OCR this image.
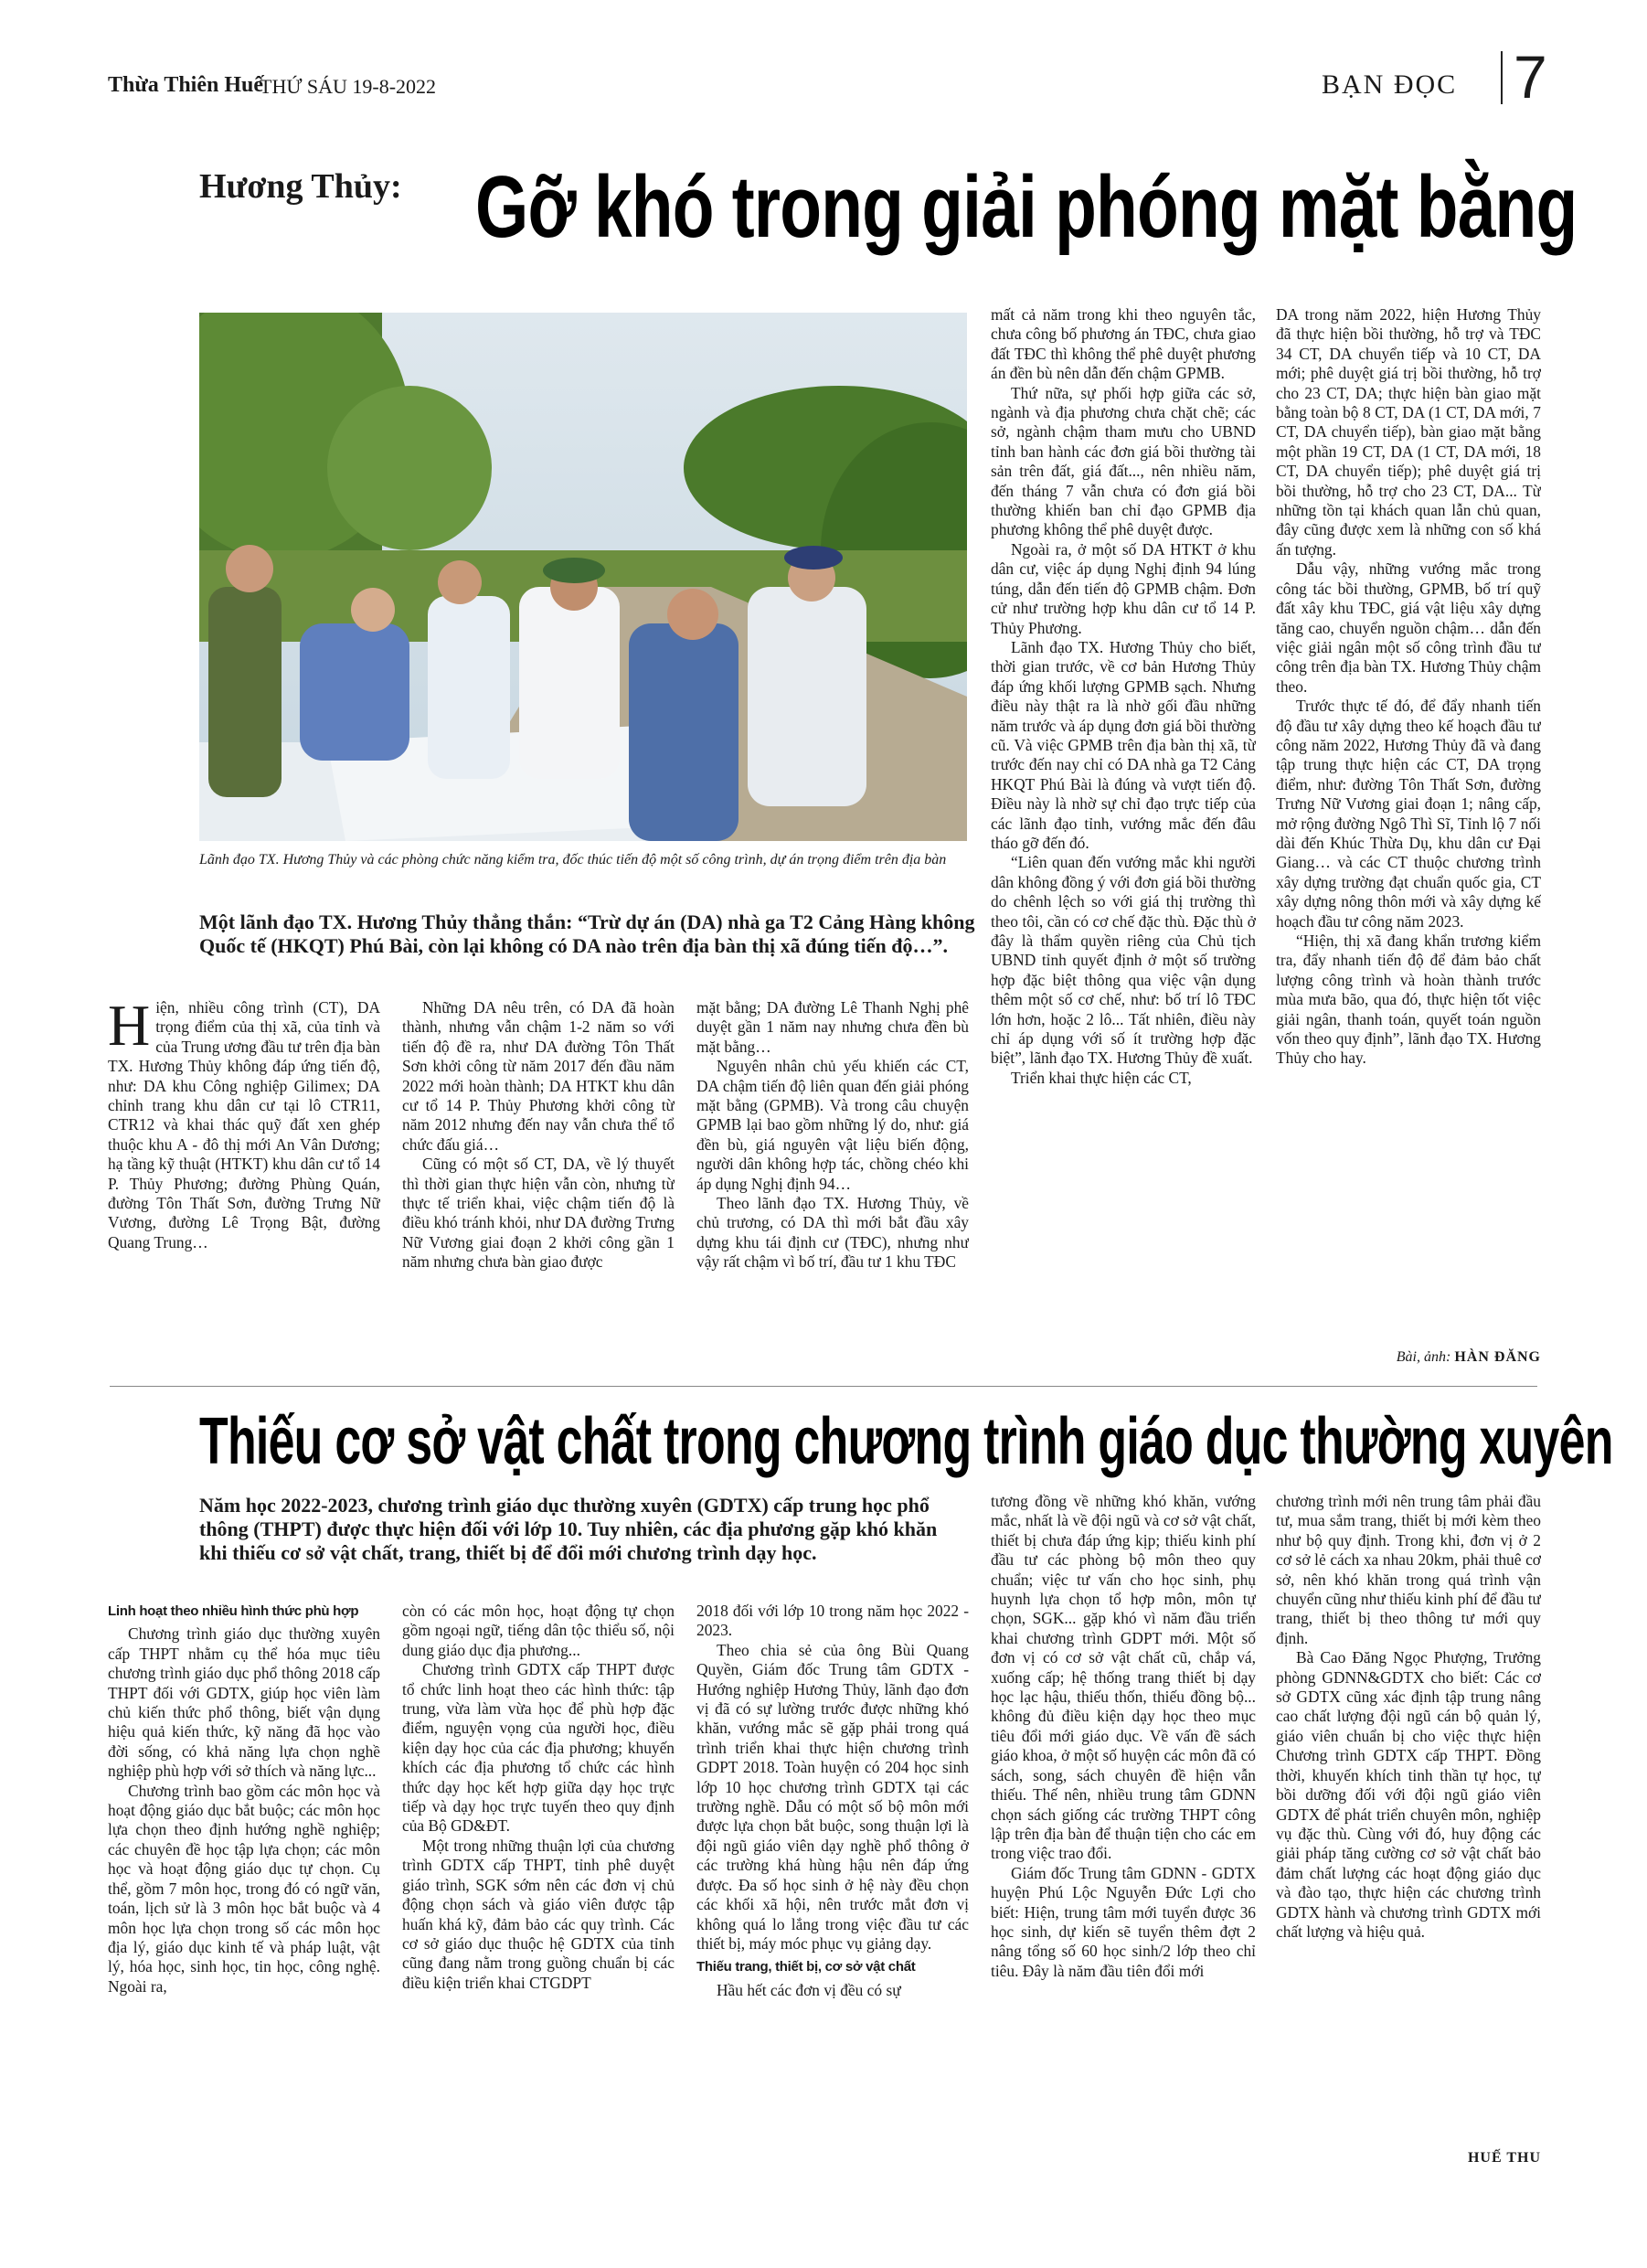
Thừa Thiên Huế
THỨ SÁU 19-8-2022	BẠN ĐỌC 7
Hương Thủy: Gỡ khó trong giải phóng mặt bằng
Lãnh đạo TX. Hương Thủy và các phòng chức năng kiểm tra, đốc thúc tiến độ một số công trình, dự án trọng điểm trên địa bàn
Một lãnh đạo TX. Hương Thủy thẳng thắn: “Trừ dự án (DA) nhà ga T2 Cảng Hàng không Quốc tế (HKQT) Phú Bài, còn lại không có DA nào trên địa bàn thị xã đúng tiến độ…”.

Hiện, nhiều công trình (CT), DA trọng điểm của thị xã, của tỉnh và của Trung ương đầu tư trên địa bàn TX. Hương Thủy không đáp ứng tiến độ, như: DA khu Công nghiệp Gilimex; DA chỉnh trang khu dân cư tại lô CTR11, CTR12 và khai thác quỹ đất xen ghép thuộc khu A - đô thị mới An Vân Dương; hạ tầng kỹ thuật (HTKT) khu dân cư tổ 14 P. Thủy Phương; đường Phùng Quán, đường Tôn Thất Sơn, đường Trưng Nữ Vương, đường Lê Trọng Bật, đường Quang Trung…

Những DA nêu trên, có DA đã hoàn thành, nhưng vẫn chậm 1-2 năm so với tiến độ đề ra, như DA đường Tôn Thất Sơn khởi công từ năm 2017 đến đầu năm 2022 mới hoàn thành; DA HTKT khu dân cư tổ 14 P. Thủy Phương khởi công từ năm 2012 nhưng đến nay vẫn chưa thể tổ chức đấu giá…

Cũng có một số CT, DA, về lý thuyết thì thời gian thực hiện vẫn còn, nhưng từ thực tế triển khai, việc chậm tiến độ là điều khó tránh khỏi, như DA đường Trưng Nữ Vương giai đoạn 2 khởi công gần 1 năm nhưng chưa bàn giao được

mặt bằng; DA đường Lê Thanh Nghị phê duyệt gần 1 năm nay nhưng chưa đền bù mặt bằng…

Nguyên nhân chủ yếu khiến các CT, DA chậm tiến độ liên quan đến giải phóng mặt bằng (GPMB). Và trong câu chuyện GPMB lại bao gồm những lý do, như: giá đền bù, giá nguyên vật liệu biến động, người dân không hợp tác, chồng chéo khi áp dụng Nghị định 94…

Theo lãnh đạo TX. Hương Thủy, về chủ trương, có DA thì mới bắt đầu xây dựng khu tái định cư (TĐC), nhưng như vậy rất chậm vì bố trí, đầu tư 1 khu TĐC

mất cả năm trong khi theo nguyên tắc, chưa công bố phương án TĐC, chưa giao đất TĐC thì không thể phê duyệt phương án đền bù nên dẫn đến chậm GPMB.

Thứ nữa, sự phối hợp giữa các sở, ngành và địa phương chưa chặt chẽ; các sở, ngành chậm tham mưu cho UBND tỉnh ban hành các đơn giá bồi thường tài sản trên đất, giá đất..., nên nhiều năm, đến tháng 7 vẫn chưa có đơn giá bồi thường khiến ban chỉ đạo GPMB địa phương không thể phê duyệt được.

Ngoài ra, ở một số DA HTKT ở khu dân cư, việc áp dụng Nghị định 94 lúng túng, dẫn đến tiến độ GPMB chậm. Đơn cử như trường hợp khu dân cư tổ 14 P. Thủy Phương.

Lãnh đạo TX. Hương Thủy cho biết, thời gian trước, về cơ bản Hương Thủy đáp ứng khối lượng GPMB sạch. Nhưng điều này thật ra là nhờ gối đầu những năm trước và áp dụng đơn giá bồi thường cũ. Và việc GPMB trên địa bàn thị xã, từ trước đến nay chỉ có DA nhà ga T2 Cảng HKQT Phú Bài là đúng và vượt tiến độ. Điều này là nhờ sự chỉ đạo trực tiếp của các lãnh đạo tỉnh, vướng mắc đến đâu tháo gỡ đến đó.

“Liên quan đến vướng mắc khi người dân không đồng ý với đơn giá bồi thường do chênh lệch so với giá thị trường thì theo tôi, cần có cơ chế đặc thù. Đặc thù ở đây là thẩm quyền riêng của Chủ tịch UBND tỉnh quyết định ở một số trường hợp đặc biệt thông qua việc vận dụng thêm một số cơ chế, như: bố trí lô TĐC lớn hơn, hoặc 2 lô... Tất nhiên, điều này chỉ áp dụng với số ít trường hợp đặc biệt”, lãnh đạo TX. Hương Thủy đề xuất.

Triển khai thực hiện các CT,

DA trong năm 2022, hiện Hương Thủy đã thực hiện bồi thường, hỗ trợ và TĐC 34 CT, DA chuyển tiếp và 10 CT, DA mới; phê duyệt giá trị bồi thường, hỗ trợ cho 23 CT, DA; thực hiện bàn giao mặt bằng toàn bộ 8 CT, DA (1 CT, DA mới, 7 CT, DA chuyển tiếp), bàn giao mặt bằng một phần 19 CT, DA (1 CT, DA mới, 18 CT, DA chuyển tiếp); phê duyệt giá trị bồi thường, hỗ trợ cho 23 CT, DA... Từ những tồn tại khách quan lẫn chủ quan, đây cũng được xem là những con số khá ấn tượng.

Dẫu vậy, những vướng mắc trong công tác bồi thường, GPMB, bố trí quỹ đất xây khu TĐC, giá vật liệu xây dựng tăng cao, chuyển nguồn chậm… dẫn đến việc giải ngân một số công trình đầu tư công trên địa bàn TX. Hương Thủy chậm theo.

Trước thực tế đó, để đẩy nhanh tiến độ đầu tư xây dựng theo kế hoạch đầu tư công năm 2022, Hương Thủy đã và đang tập trung thực hiện các CT, DA trọng điểm, như: đường Tôn Thất Sơn, đường Trưng Nữ Vương giai đoạn 1; nâng cấp, mở rộng đường Ngô Thì Sĩ, Tỉnh lộ 7 nối dài đến Khúc Thừa Dụ, khu dân cư Đại Giang… và các CT thuộc chương trình xây dựng trường đạt chuẩn quốc gia, CT xây dựng nông thôn mới và xây dựng kế hoạch đầu tư công năm 2023.

“Hiện, thị xã đang khẩn trương kiểm tra, đẩy nhanh tiến độ để đảm bảo chất lượng công trình và hoàn thành trước mùa mưa bão, qua đó, thực hiện tốt việc giải ngân, thanh toán, quyết toán nguồn vốn theo quy định”, lãnh đạo TX. Hương Thủy cho hay.

Bài, ảnh: HÀN ĐĂNG
Thiếu cơ sở vật chất trong chương trình giáo dục thường xuyên
Năm học 2022-2023, chương trình giáo dục thường xuyên (GDTX) cấp trung học phổ thông (THPT) được thực hiện đối với lớp 10. Tuy nhiên, các địa phương gặp khó khăn khi thiếu cơ sở vật chất, trang, thiết bị để đổi mới chương trình dạy học.
Linh hoạt theo nhiều hình thức phù hợp

Chương trình giáo dục thường xuyên cấp THPT nhằm cụ thể hóa mục tiêu chương trình giáo dục phổ thông 2018 cấp THPT đối với GDTX, giúp học viên làm chủ kiến thức phổ thông, biết vận dụng hiệu quả kiến thức, kỹ năng đã học vào đời sống, có khả năng lựa chọn nghề nghiệp phù hợp với sở thích và năng lực...

Chương trình bao gồm các môn học và hoạt động giáo dục bắt buộc; các môn học lựa chọn theo định hướng nghề nghiệp; các chuyên đề học tập lựa chọn; các môn học và hoạt động giáo dục tự chọn. Cụ thể, gồm 7 môn học, trong đó có ngữ văn, toán, lịch sử là 3 môn học bắt buộc và 4 môn học lựa chọn trong số các môn học địa lý, giáo dục kinh tế và pháp luật, vật lý, hóa học, sinh học, tin học, công nghệ. Ngoài ra,

còn có các môn học, hoạt động tự chọn gồm ngoại ngữ, tiếng dân tộc thiểu số, nội dung giáo dục địa phương...

Chương trình GDTX cấp THPT được tổ chức linh hoạt theo các hình thức: tập trung, vừa làm vừa học để phù hợp đặc điểm, nguyện vọng của người học, điều kiện dạy học của các địa phương; khuyến khích các địa phương tổ chức các hình thức dạy học kết hợp giữa dạy học trực tiếp và dạy học trực tuyến theo quy định của Bộ GD&ĐT.

Một trong những thuận lợi của chương trình GDTX cấp THPT, tỉnh phê duyệt giáo trình, SGK sớm nên các đơn vị chủ động chọn sách và giáo viên được tập huấn khá kỹ, đảm bảo các quy trình. Các cơ sở giáo dục thuộc hệ GDTX của tỉnh cũng đang nằm trong guồng chuẩn bị các điều kiện triển khai CTGDPT

2018 đối với lớp 10 trong năm học 2022 - 2023.

Theo chia sẻ của ông Bùi Quang Quyền, Giám đốc Trung tâm GDTX - Hướng nghiệp Hương Thủy, lãnh đạo đơn vị đã có sự lường trước được những khó khăn, vướng mắc sẽ gặp phải trong quá trình triển khai thực hiện chương trình GDPT 2018. Toàn huyện có 204 học sinh lớp 10 học chương trình GDTX tại các trường nghề. Dẫu có một số bộ môn mới được lựa chọn bắt buộc, song thuận lợi là đội ngũ giáo viên dạy nghề phổ thông ở các trường khá hùng hậu nên đáp ứng được. Đa số học sinh ở hệ này đều chọn các khối xã hội, nên trước mắt đơn vị không quá lo lắng trong việc đầu tư các thiết bị, máy móc phục vụ giảng dạy.

Thiếu trang, thiết bị, cơ sở vật chất

Hầu hết các đơn vị đều có sự

tương đồng về những khó khăn, vướng mắc, nhất là về đội ngũ và cơ sở vật chất, thiết bị chưa đáp ứng kịp; thiếu kinh phí đầu tư các phòng bộ môn theo quy chuẩn; việc tư vấn cho học sinh, phụ huynh lựa chọn tổ hợp môn, môn tự chọn, SGK... gặp khó vì năm đầu triển khai chương trình GDPT mới. Một số đơn vị có cơ sở vật chất cũ, chắp vá, xuống cấp; hệ thống trang thiết bị dạy học lạc hậu, thiếu thốn, thiếu đồng bộ... không đủ điều kiện dạy học theo mục tiêu đổi mới giáo dục. Về vấn đề sách giáo khoa, ở một số huyện các môn đã có sách, song, sách chuyên đề hiện vẫn thiếu. Thế nên, nhiều trung tâm GDNN chọn sách giống các trường THPT công lập trên địa bàn để thuận tiện cho các em trong việc trao đổi.

Giám đốc Trung tâm GDNN - GDTX huyện Phú Lộc Nguyễn Đức Lợi cho biết: Hiện, trung tâm mới tuyển được 36 học sinh, dự kiến sẽ tuyển thêm đợt 2 nâng tổng số 60 học sinh/2 lớp theo chỉ tiêu. Đây là năm đầu tiên đổi mới

chương trình mới nên trung tâm phải đầu tư, mua sắm trang, thiết bị mới kèm theo như bộ quy định. Trong khi, đơn vị ở 2 cơ sở lẻ cách xa nhau 20km, phải thuê cơ sở, nên khó khăn trong quá trình vận chuyển cũng như thiếu kinh phí để đầu tư trang, thiết bị theo thông tư mới quy định.

Bà Cao Đăng Ngọc Phượng, Trưởng phòng GDNN&GDTX cho biết: Các cơ sở GDTX cũng xác định tập trung nâng cao chất lượng đội ngũ cán bộ quản lý, giáo viên chuẩn bị cho việc thực hiện Chương trình GDTX cấp THPT. Đồng thời, khuyến khích tinh thần tự học, tự bồi dưỡng đối với đội ngũ giáo viên GDTX để phát triển chuyên môn, nghiệp vụ đặc thù. Cùng với đó, huy động các giải pháp tăng cường cơ sở vật chất bảo đảm chất lượng các hoạt động giáo dục và đào tạo, thực hiện các chương trình GDTX hành và chương trình GDTX mới chất lượng và hiệu quả.

HUẾ THU
